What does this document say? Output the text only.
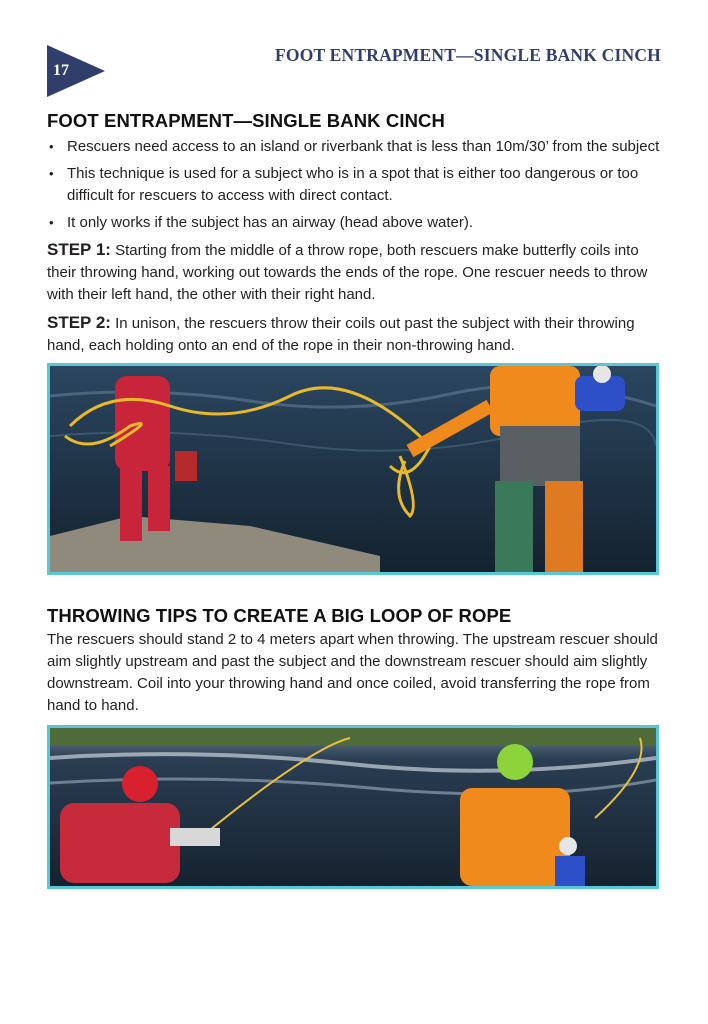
17
FOOT ENTRAPMENT—SINGLE BANK CINCH
FOOT ENTRAPMENT—SINGLE BANK CINCH
• Rescuers need access to an island or riverbank that is less than 10m/30’ from the subject
• This technique is used for a subject who is in a spot that is either too dangerous or too difficult for rescuers to access with direct contact.
• It only works if the subject has an airway (head above water).

STEP 1: Starting from the middle of a throw rope, both rescuers make butterfly coils into their throwing hand, working out towards the ends of the rope. One rescuer needs to throw with their left hand, the other with their right hand.

STEP 2: In unison, the rescuers throw their coils out past the subject with their throwing hand, each holding onto an end of the rope in their non-throwing hand.

THROWING TIPS TO CREATE A BIG LOOP OF ROPE

The rescuers should stand 2 to 4 meters apart when throwing. The upstream rescuer should aim slightly upstream and past the subject and the downstream rescuer should aim slightly downstream. Coil into your throwing hand and once coiled, avoid transferring the rope from hand to hand.
